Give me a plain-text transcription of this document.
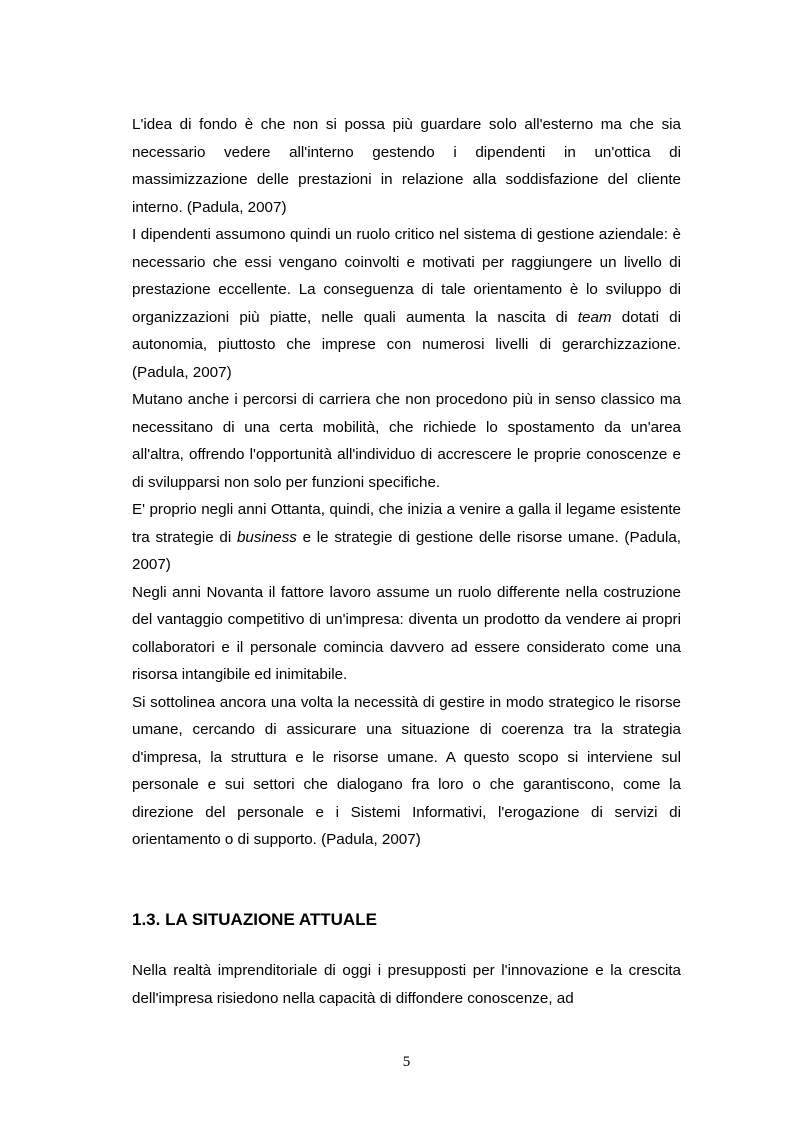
L'idea di fondo è che non si possa più guardare solo all'esterno ma che sia necessario vedere all'interno gestendo i dipendenti in un'ottica di massimizzazione delle prestazioni in relazione alla soddisfazione del cliente interno. (Padula, 2007)

I dipendenti assumono quindi un ruolo critico nel sistema di gestione aziendale: è necessario che essi vengano coinvolti e motivati per raggiungere un livello di prestazione eccellente. La conseguenza di tale orientamento è lo sviluppo di organizzazioni più piatte, nelle quali aumenta la nascita di team dotati di autonomia, piuttosto che imprese con numerosi livelli di gerarchizzazione. (Padula, 2007)

Mutano anche i percorsi di carriera che non procedono più in senso classico ma necessitano di una certa mobilità, che richiede lo spostamento da un'area all'altra, offrendo l'opportunità all'individuo di accrescere le proprie conoscenze e di svilupparsi non solo per funzioni specifiche.

E' proprio negli anni Ottanta, quindi, che inizia a venire a galla il legame esistente tra strategie di business e le strategie di gestione delle risorse umane. (Padula, 2007)

Negli anni Novanta il fattore lavoro assume un ruolo differente nella costruzione del vantaggio competitivo di un'impresa: diventa un prodotto da vendere ai propri collaboratori e il personale comincia davvero ad essere considerato come una risorsa intangibile ed inimitabile.

Si sottolinea ancora una volta la necessità di gestire in modo strategico le risorse umane, cercando di assicurare una situazione di coerenza tra la strategia d'impresa, la struttura e le risorse umane. A questo scopo si interviene sul personale e sui settori che dialogano fra loro o che garantiscono, come la direzione del personale e i Sistemi Informativi, l'erogazione di servizi di orientamento o di supporto. (Padula, 2007)

1.3. LA SITUAZIONE ATTUALE

Nella realtà imprenditoriale di oggi i presupposti per l'innovazione e la crescita dell'impresa risiedono nella capacità di diffondere conoscenze, ad

5
